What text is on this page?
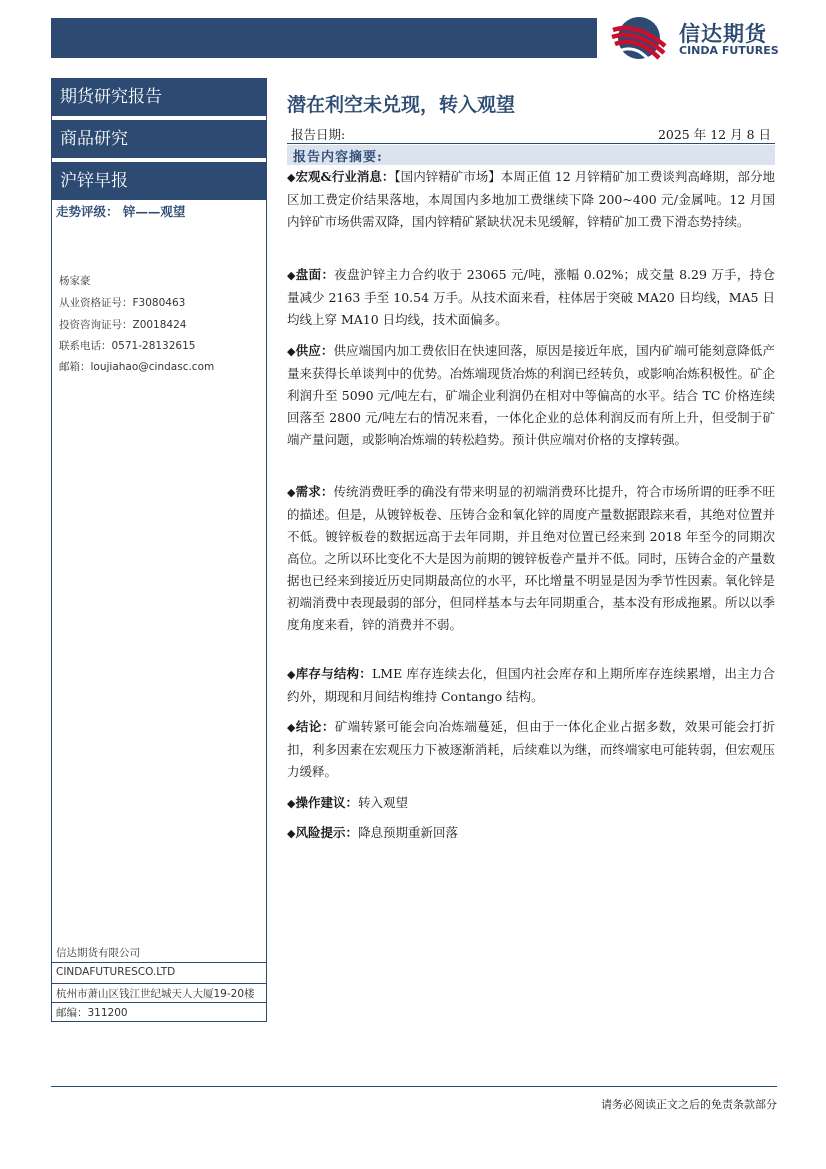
信达期货
CINDA FUTURES
期货研究报告
商品研究
沪锌早报
走势评级： 锌——观望
杨家豪
从业资格证号：F3080463
投资咨询证号：Z0018424
联系电话：0571-28132615
邮箱：loujiahao@cindasc.com
信达期货有限公司
CINDAFUTURESCO.LTD
杭州市萧山区钱江世纪城天人大厦19-20楼
邮编：311200
潜在利空未兑现，转入观望
报告日期:	2025 年 12 月 8 日
报告内容摘要:

◆宏观&行业消息：【国内锌精矿市场】本周正值 12 月锌精矿加工费谈判高峰期，部分地区加工费定价结果落地，本周国内多地加工费继续下降 200~400 元/金属吨。12 月国内锌矿市场供需双降，国内锌精矿紧缺状况未见缓解，锌精矿加工费下滑态势持续。

◆盘面：夜盘沪锌主力合约收于 23065 元/吨，涨幅 0.02%；成交量 8.29 万手，持仓量减少 2163 手至 10.54 万手。从技术面来看，柱体居于突破 MA20 日均线，MA5 日均线上穿 MA10 日均线，技术面偏多。

◆供应：供应端国内加工费依旧在快速回落，原因是接近年底，国内矿端可能刻意降低产量来获得长单谈判中的优势。冶炼端现货冶炼的利润已经转负，或影响冶炼积极性。矿企利润升至 5090 元/吨左右，矿端企业利润仍在相对中等偏高的水平。结合 TC 价格连续回落至 2800 元/吨左右的情况来看，一体化企业的总体利润反而有所上升，但受制于矿端产量问题，或影响冶炼端的转松趋势。预计供应端对价格的支撑转强。

◆需求：传统消费旺季的确没有带来明显的初端消费环比提升，符合市场所谓的旺季不旺的描述。但是，从镀锌板卷、压铸合金和氧化锌的周度产量数据跟踪来看，其绝对位置并不低。镀锌板卷的数据远高于去年同期，并且绝对位置已经来到 2018 年至今的同期次高位。之所以环比变化不大是因为前期的镀锌板卷产量并不低。同时，压铸合金的产量数据也已经来到接近历史同期最高位的水平，环比增量不明显是因为季节性因素。氧化锌是初端消费中表现最弱的部分，但同样基本与去年同期重合，基本没有形成拖累。所以以季度角度来看，锌的消费并不弱。

◆库存与结构：LME 库存连续去化，但国内社会库存和上期所库存连续累增，出主力合约外，期现和月间结构维持 Contango 结构。

◆结论：矿端转紧可能会向冶炼端蔓延，但由于一体化企业占据多数，效果可能会打折扣，利多因素在宏观压力下被逐渐消耗，后续难以为继，而终端家电可能转弱，但宏观压力缓释。

◆操作建议：转入观望

◆风险提示：降息预期重新回落

请务必阅读正文之后的免责条款部分
